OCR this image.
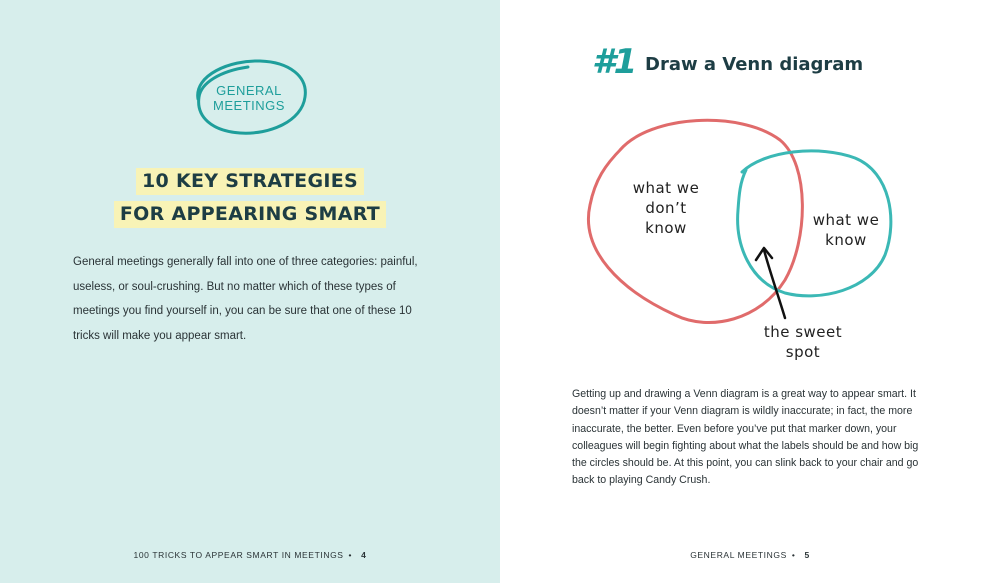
GENERAL
MEETINGS
10 KEY STRATEGIES
FOR APPEARING SMART
General meetings generally fall into one of three categories: painful, useless, or soul-crushing. But no matter which of these types of meetings you find yourself in, you can be sure that one of these 10 tricks will make you appear smart.
100 TRICKS TO APPEAR SMART IN MEETINGS • 4
#1 Draw a Venn diagram
what we
don’t
know	what we
know
the sweet
spot
Getting up and drawing a Venn diagram is a great way to appear smart. It doesn’t matter if your Venn diagram is wildly inaccurate; in fact, the more inaccurate, the better. Even before you’ve put that marker down, your colleagues will begin fighting about what the labels should be and how big the circles should be. At this point, you can slink back to your chair and go back to playing Candy Crush.
GENERAL MEETINGS • 5
